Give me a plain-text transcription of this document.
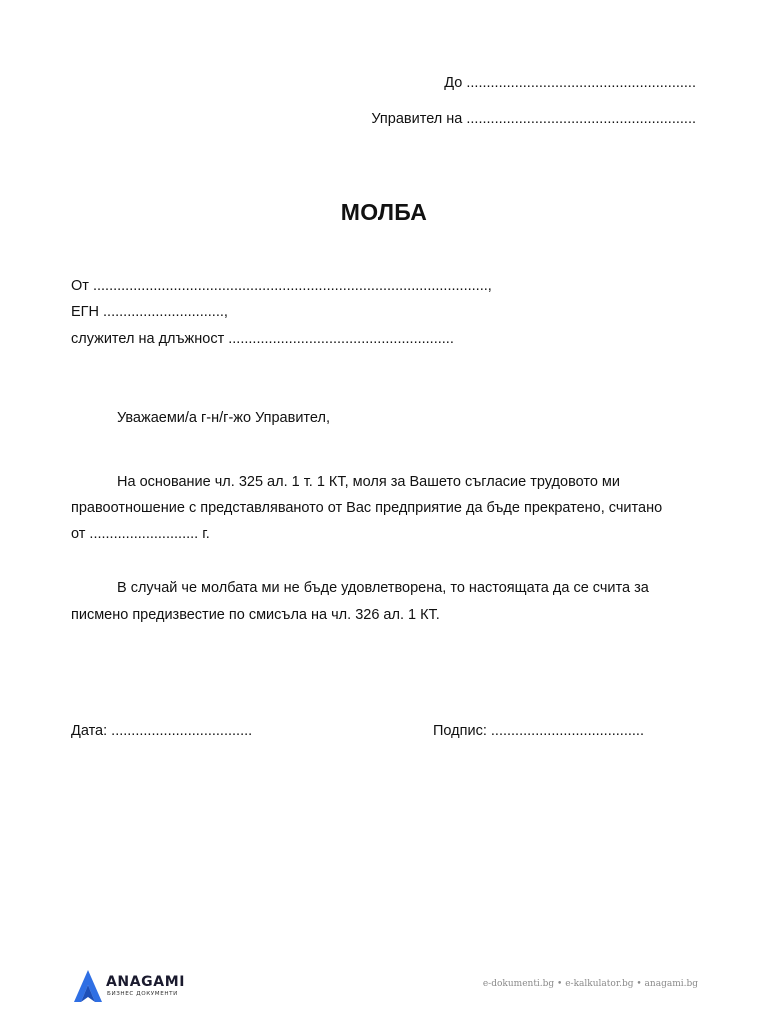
До .........................................................
Управител на .........................................................
МОЛБА
От ..................................................................................................,
ЕГН ..............................,
служител на длъжност ........................................................
Уважаеми/а г-н/г-жо Управител,
На основание чл. 325 ал. 1 т. 1 КТ, моля за Вашето съгласие трудовото ми
правоотношение с представляваното от Вас предприятие да бъде прекратено, считано
от ........................... г.
В случай че молбата ми не бъде удовлетворена, то настоящата да се счита за
писмено предизвестие по смисъла на чл. 326 ал. 1 КТ.
Дата: ...................................	Подпис: ......................................
ANAGAMI
БИЗНЕС ДОКУМЕНТИ
e-dokumenti.bg • e-kalkulator.bg • anagami.bg
